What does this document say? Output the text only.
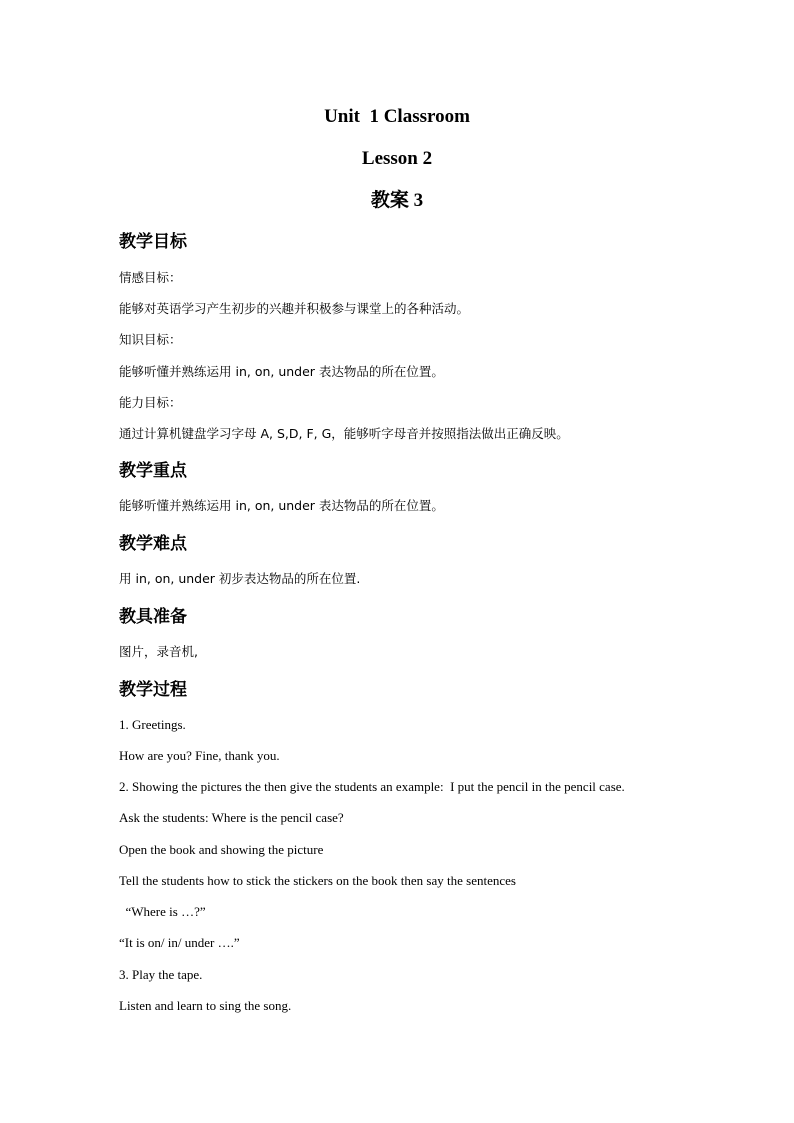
Unit  1 Classroom
Lesson 2
教案 3
教学目标
情感目标：
能够对英语学习产生初步的兴趣并积极参与课堂上的各种活动。
知识目标：
能够听懂并熟练运用 in, on, under 表达物品的所在位置。
能力目标：
通过计算机键盘学习字母 A, S,D, F, G，能够听字母音并按照指法做出正确反映。
教学重点
能够听懂并熟练运用 in, on, under 表达物品的所在位置。
教学难点
用 in, on, under 初步表达物品的所在位置.
教具准备
图片，录音机,
教学过程
1. Greetings.
How are you? Fine, thank you.
2. Showing the pictures the then give the students an example:  I put the pencil in the pencil case.
Ask the students: Where is the pencil case?
Open the book and showing the picture
Tell the students how to stick the stickers on the book then say the sentences
“Where is …?”
“It is on/ in/ under ….”
3. Play the tape.
Listen and learn to sing the song.
